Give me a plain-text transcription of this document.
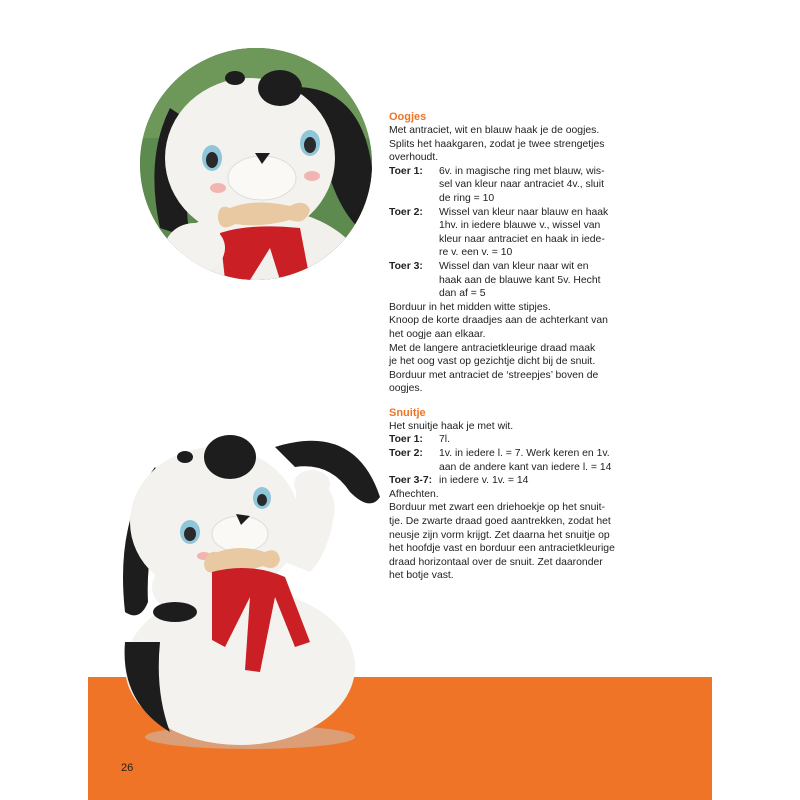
Oogjes

Met antraciet, wit en blauw haak je de oogjes.
Splits het haakgaren, zodat je twee strengetjes
overhoudt.

Toer 1:	6v. in magische ring met blauw, wis-
sel van kleur naar antraciet 4v., sluit
de ring = 10
Toer 2:	Wissel van kleur naar blauw en haak
1hv. in iedere blauwe v., wissel van
kleur naar antraciet en haak in iede-
re v. een v. = 10
Toer 3:	Wissel dan van kleur naar wit en
haak aan de blauwe kant 5v. Hecht
dan af = 5

Borduur in het midden witte stipjes.
Knoop de korte draadjes aan de achterkant van
het oogje aan elkaar.
Met de langere antracietkleurige draad maak
je het oog vast op gezichtje dicht bij de snuit.
Borduur met antraciet de ‘streepjes’ boven de
oogjes.

Snuitje

Het snuitje haak je met wit.

Toer 1:	7l.
Toer 2:	1v. in iedere l. = 7. Werk keren en 1v.
aan de andere kant van iedere l. = 14
Toer 3-7: in iedere v. 1v. = 14

Afhechten.
Borduur met zwart een driehoekje op het snuit-
tje. De zwarte draad goed aantrekken, zodat het
neusje zijn vorm krijgt. Zet daarna het snuitje op
het hoofdje vast en borduur een antracietkleurige
draad horizontaal over de snuit. Zet daaronder
het botje vast.

26
